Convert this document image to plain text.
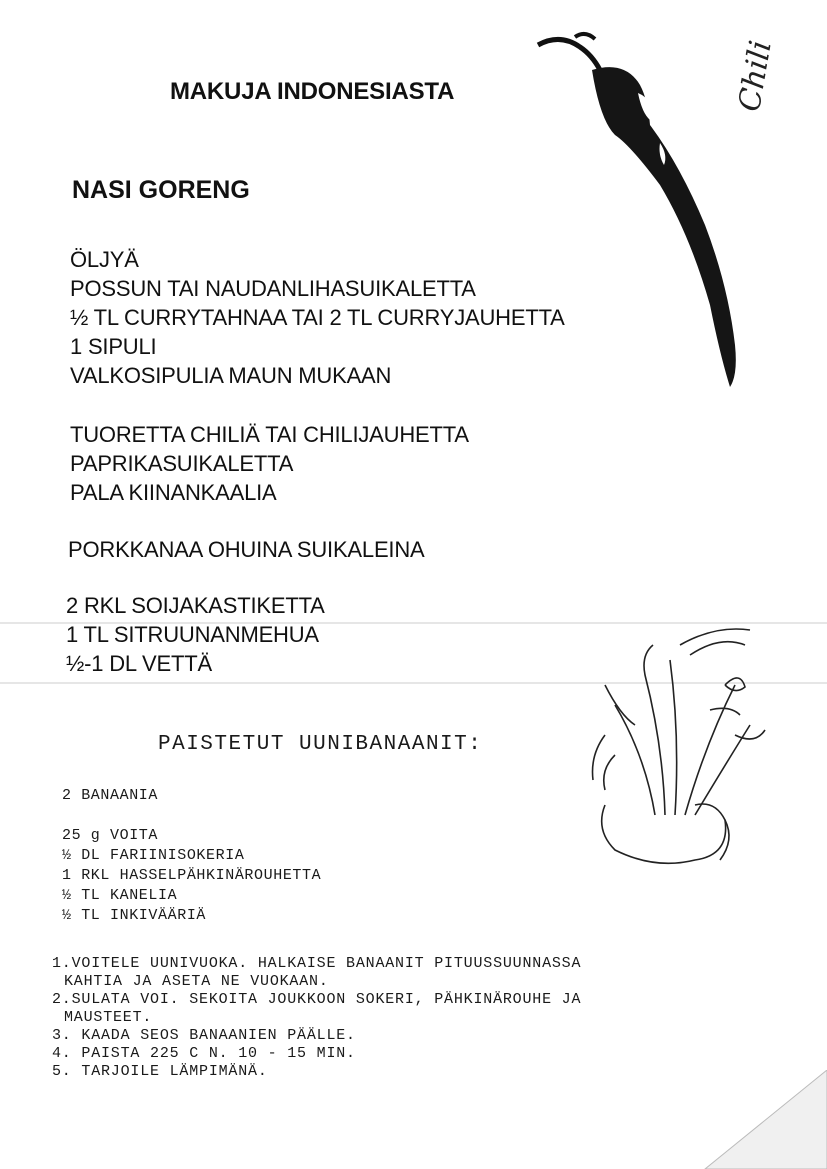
MAKUJA INDONESIASTA	Chili
NASI GORENG
ÖLJYÄ
POSSUN TAI NAUDANLIHASUIKALETTA
½ TL CURRYTAHNAA TAI 2 TL CURRYJAUHETTA
1 SIPULI
VALKOSIPULIA MAUN MUKAAN
TUORETTA CHILIÄ TAI CHILIJAUHETTA
PAPRIKASUIKALETTA
PALA KIINANKAALIA
PORKKANAA OHUINA SUIKALEINA
2 RKL SOIJAKASTIKETTA
1 TL SITRUUNANMEHUA
½-1 DL VETTÄ
PAISTETUT UUNIBANAANIT:
2 BANAANIA
25 g VOITA
½ DL FARIINISOKERIA
1 RKL HASSELPÄHKINÄROUHETTA
½ TL KANELIA
½ TL INKIVÄÄRIÄ
1.VOITELE UUNIVUOKA. HALKAISE BANAANIT PITUUSSUUNNASSA
KAHTIA JA ASETA NE VUOKAAN.
2.SULATA VOI. SEKOITA JOUKKOON SOKERI, PÄHKINÄROUHE JA
MAUSTEET.
3. KAADA SEOS BANAANIEN PÄÄLLE.
4. PAISTA 225 C N. 10 - 15 MIN.
5. TARJOILE LÄMPIMÄNÄ.
